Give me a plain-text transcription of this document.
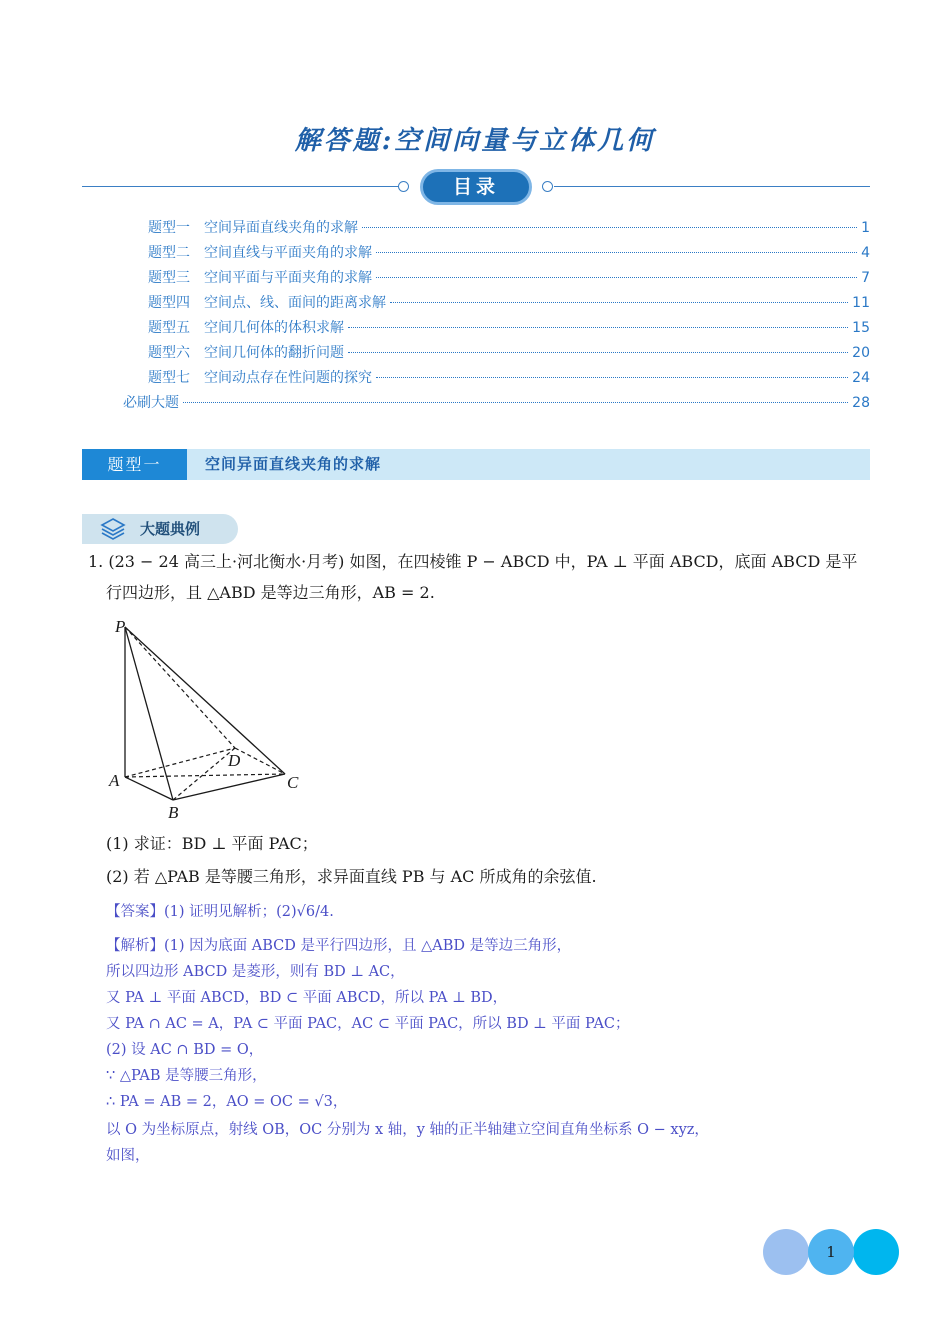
解答题:空间向量与立体几何
目录
题型一 空间异面直线夹角的求解	1
题型二 空间直线与平面夹角的求解	4
题型三 空间平面与平面夹角的求解	7
题型四 空间点、线、面间的距离求解	11
题型五 空间几何体的体积求解	15
题型六 空间几何体的翻折问题	20
题型七 空间动点存在性问题的探究	24
必刷大题	28
题型一	空间异面直线夹角的求解
大题典例
1. (23 − 24 高三上·河北衡水·月考) 如图，在四棱锥 P − ABCD 中，PA ⊥ 平面 ABCD，底面 ABCD 是平
行四边形，且 △ABD 是等边三角形，AB = 2.
P
A
B
C
D
(1) 求证：BD ⊥ 平面 PAC；
(2) 若 △PAB 是等腰三角形，求异面直线 PB 与 AC 所成角的余弦值.
【答案】(1) 证明见解析；(2)√6/4.
【解析】(1) 因为底面 ABCD 是平行四边形，且 △ABD 是等边三角形，
所以四边形 ABCD 是菱形，则有 BD ⊥ AC，
又 PA ⊥ 平面 ABCD，BD ⊂ 平面 ABCD，所以 PA ⊥ BD，
又 PA ∩ AC = A，PA ⊂ 平面 PAC，AC ⊂ 平面 PAC，所以 BD ⊥ 平面 PAC；
(2) 设 AC ∩ BD = O，
∵ △PAB 是等腰三角形，
∴ PA = AB = 2，AO = OC = √3，
以 O 为坐标原点，射线 OB，OC 分别为 x 轴，y 轴的正半轴建立空间直角坐标系 O − xyz，
如图，
1
